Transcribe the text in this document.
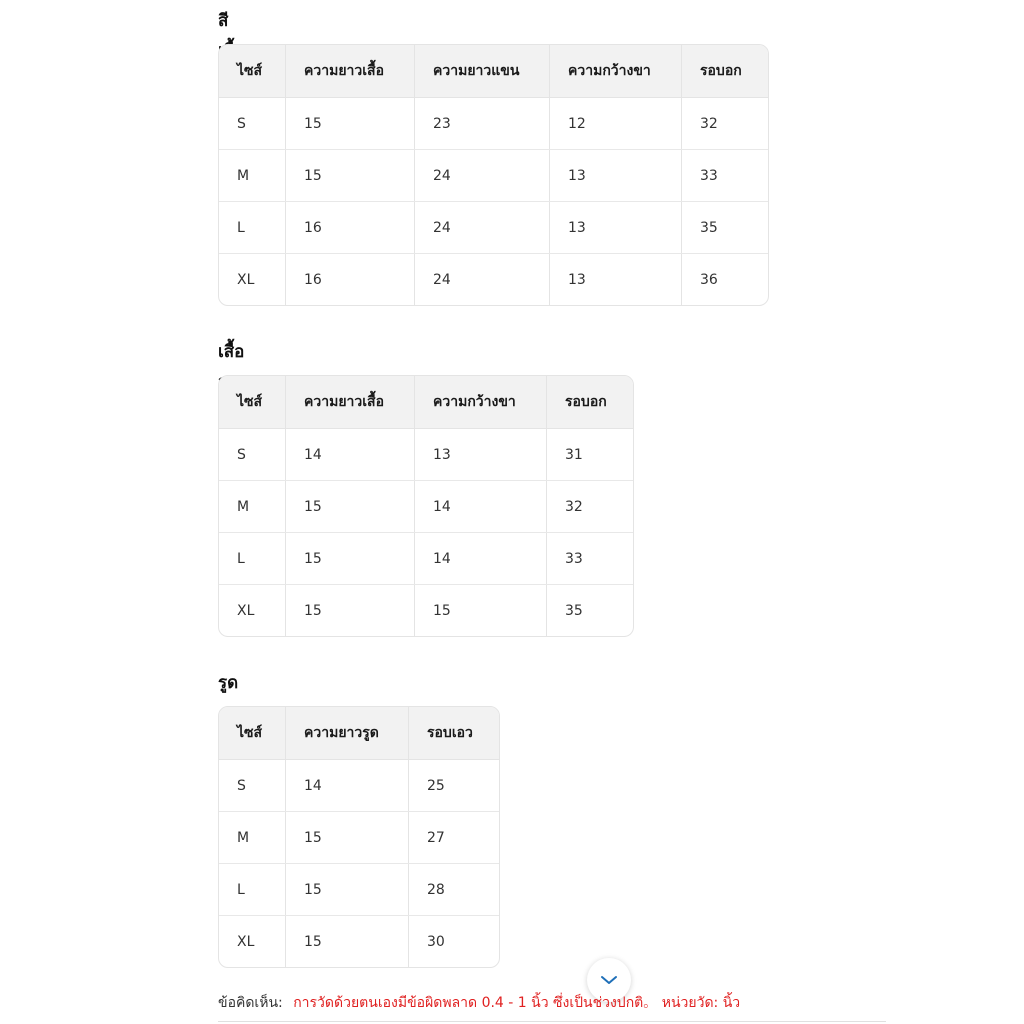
สี
ไซส์	ความยาวเสื้อ	ความยาวแขน	ความกว้างขา	รอบอก
S	15	23	12	32
M	15	24	13	33
L	16	24	13	35
XL	16	24	13	36
เสื้อ
ไซส์	ความยาวเสื้อ	ความกว้างขา	รอบอก
S	14	13	31
M	15	14	32
L	15	14	33
XL	15	15	35
รูด
ไซส์	ความยาวรูด	รอบเอว
S	14	25
M	15	27
L	15	28
XL	15	30
ข้อคิดเห็น: การวัดด้วยตนเองมีข้อผิดพลาด 0.4 - 1 นิ้ว ซึ่งเป็นช่วงปกติ。 หน่วยวัด: นิ้ว
